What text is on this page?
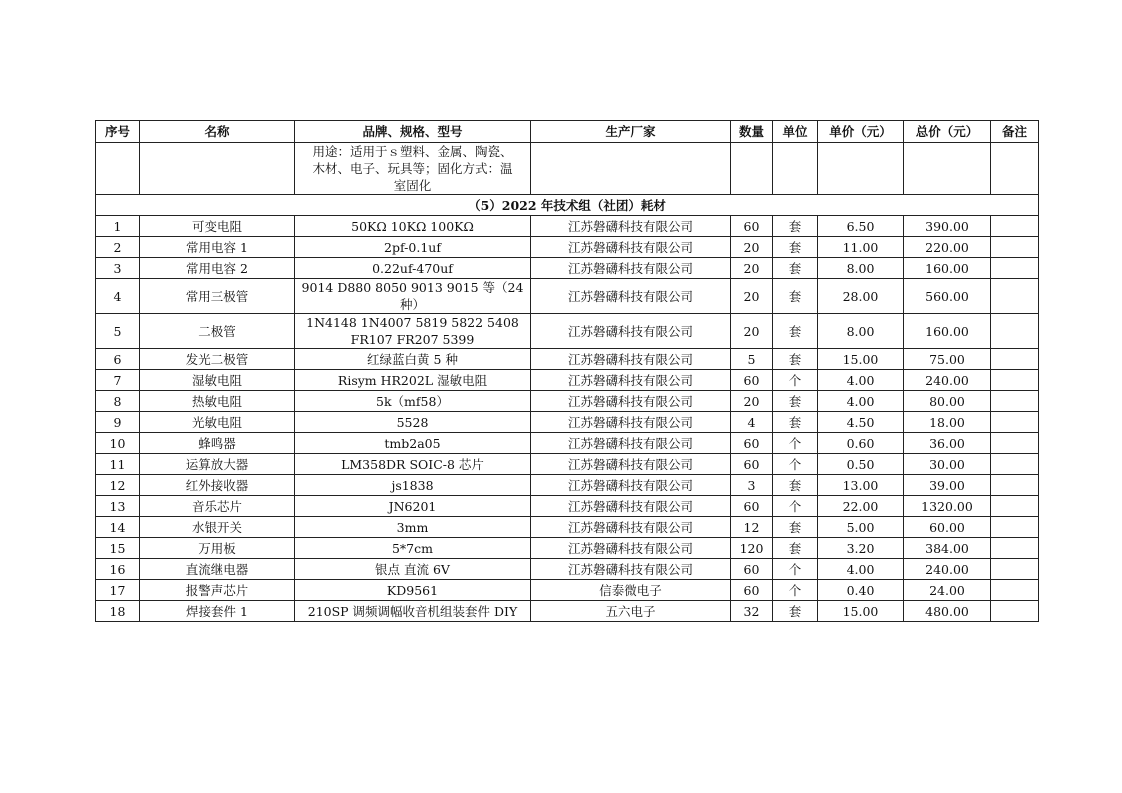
序号	名称	品牌、规格、型号	生产厂家	数量	单位	单价（元）	总价（元）	备注

		用途：适用于ｓ塑料、金属、陶瓷、
木材、电子、玩具等；固化方式：温
室固化						

（5）2022 年技术组（社团）耗材								
1	可变电阻	50KΩ 10KΩ 100KΩ	江苏磐礴科技有限公司	60	套	6.50	390.00	
2	常用电容 1	2pf-0.1uf	江苏磐礴科技有限公司	20	套	11.00	220.00	
3	常用电容 2	0.22uf-470uf	江苏磐礴科技有限公司	20	套	8.00	160.00	
4	常用三极管	9014 D880 8050 9013 9015 等（24 种）	江苏磐礴科技有限公司	20	套	28.00	560.00	
5	二极管	1N4148 1N4007 5819 5822 5408 FR107 FR207 5399	江苏磐礴科技有限公司	20	套	8.00	160.00	
6	发光二极管	红绿蓝白黄 5 种	江苏磐礴科技有限公司	5	套	15.00	75.00	
7	湿敏电阻	Risym HR202L 湿敏电阻	江苏磐礴科技有限公司	60	个	4.00	240.00	
8	热敏电阻	5k（mf58）	江苏磐礴科技有限公司	20	套	4.00	80.00	
9	光敏电阻	5528	江苏磐礴科技有限公司	4	套	4.50	18.00	
10	蜂鸣器	tmb2a05	江苏磐礴科技有限公司	60	个	0.60	36.00	
11	运算放大器	LM358DR SOIC-8 芯片	江苏磐礴科技有限公司	60	个	0.50	30.00	
12	红外接收器	js1838	江苏磐礴科技有限公司	3	套	13.00	39.00	
13	音乐芯片	JN6201	江苏磐礴科技有限公司	60	个	22.00	1320.00	
14	水银开关	3mm	江苏磐礴科技有限公司	12	套	5.00	60.00	
15	万用板	5*7cm	江苏磐礴科技有限公司	120	套	3.20	384.00	
16	直流继电器	银点 直流 6V	江苏磐礴科技有限公司	60	个	4.00	240.00	
17	报警声芯片	KD9561	信泰微电子	60	个	0.40	24.00	
18	焊接套件 1	210SP 调频调幅收音机组装套件 DIY	五六电子	32	套	15.00	480.00	
